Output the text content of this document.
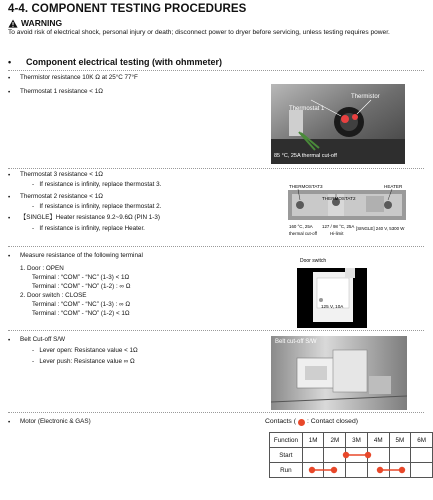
4-4. COMPONENT TESTING PROCEDURES
WARNING
To avoid risk of electrical shock, personal injury or death; disconnect power to dryer before servicing, unless testing requires power.
• Component electrical testing (with ohmmeter)
• Thermistor resistance 10K Ω at 25°C 77°F
• Thermostat 1 resistance < 1Ω
Thermostat 1
Thermistor
85 °C, 25A thermal cut-off
• Thermostat 3 resistance < 1Ω
-   If resistance is infinity, replace thermostat 3.
• Thermostat 2 resistance < 1Ω
-   If resistance is infinity, replace thermostat 2.
• 【SINGLE】Heater resistance 9.2~9.6Ω (PIN 1-3)
-   If resistance is infinity, replace Heater.
THERMOSTAT3
THERMOSTAT2
HEATER
160 °C, 25A
thermal cut-off
127 / 98 °C, 25A
Hi-limit
[SINGLE] 240 V, 5300 W
• Measure resistance of the following terminal
1. Door : OPEN
Terminal : “COM” - “NC” (1-3) < 1Ω
Terminal : “COM” - “NO” (1-2) : ∞ Ω
2. Door switch : CLOSE
Terminal : “COM” - “NC” (1-3) : ∞ Ω
Terminal : “COM” - “NO” (1-2) < 1Ω
Door switch
125 V, 10A
• Belt Cut-off S/W
-   Lever open: Resistance value < 1Ω
-   Lever push: Resistance value ∞ Ω
Belt cut-off S/W
• Motor (Electronic & GAS)	Contacts ( : Contact closed)
Function	1M	2M	3M	4M	5M	6M
Start						
Run						
